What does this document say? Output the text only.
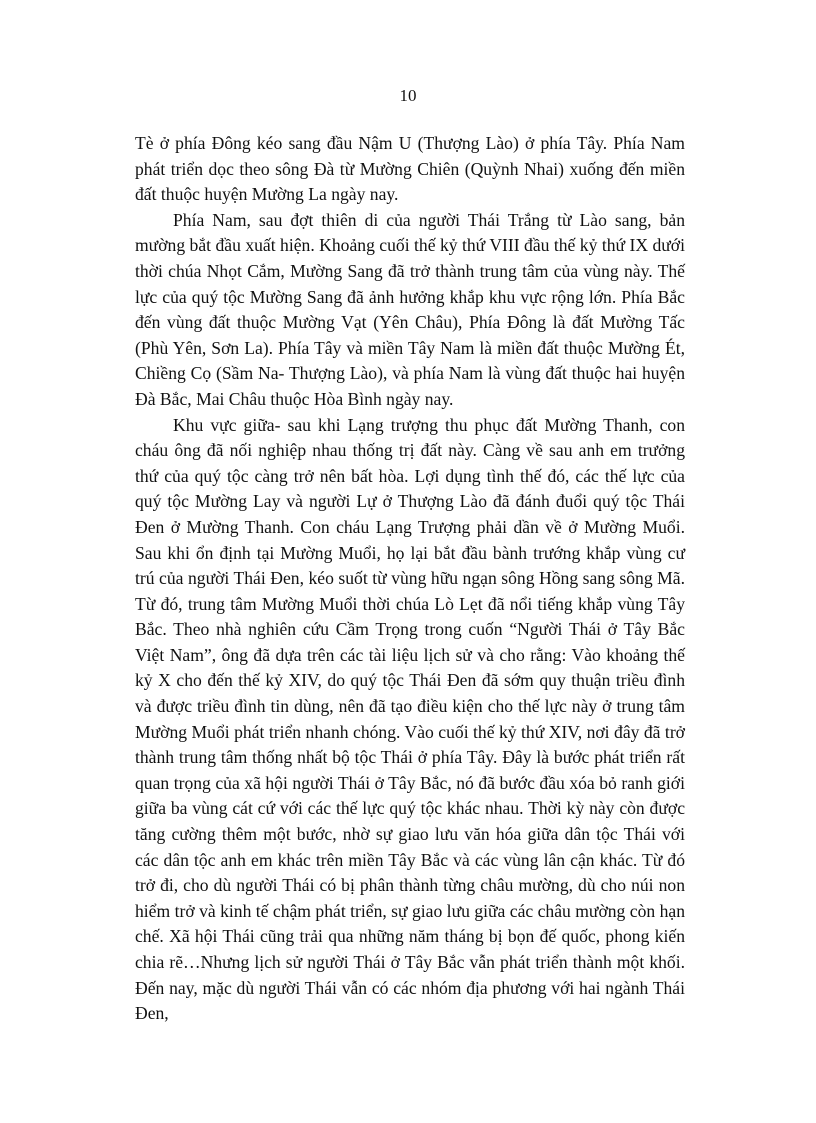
10

Tè ở phía Đông kéo sang đầu Nậm U (Thượng Lào) ở phía Tây. Phía Nam phát triển dọc theo sông Đà từ Mường Chiên (Quỳnh Nhai) xuống đến miền đất thuộc huyện Mường La ngày nay.

Phía Nam, sau đợt thiên di của người Thái Trắng từ Lào sang, bản mường bắt đầu xuất hiện. Khoảng cuối thế kỷ thứ VIII đầu thế kỷ thứ IX dưới thời chúa Nhọt Cắm, Mường Sang đã trở thành trung tâm của vùng này. Thế lực của quý tộc Mường Sang đã ảnh hưởng khắp khu vực rộng lớn. Phía Bắc đến vùng đất thuộc Mường Vạt (Yên Châu), Phía Đông là đất Mường Tấc (Phù Yên, Sơn La). Phía Tây và miền Tây Nam là miền đất thuộc Mường Ét, Chiềng Cọ (Sầm Na- Thượng Lào), và phía Nam là vùng đất thuộc hai huyện Đà Bắc, Mai Châu thuộc Hòa Bình ngày nay.

Khu vực giữa- sau khi Lạng trượng thu phục đất Mường Thanh, con cháu ông đã nối nghiệp nhau thống trị đất này. Càng về sau anh em trưởng thứ của quý tộc càng trở nên bất hòa. Lợi dụng tình thế đó, các thế lực của quý tộc Mường Lay và người Lự ở Thượng Lào đã đánh đuổi quý tộc Thái Đen ở Mường Thanh. Con cháu Lạng Trượng phải dần về ở Mường Muổi. Sau khi ổn định tại Mường Muổi, họ lại bắt đầu bành trướng khắp vùng cư trú của người Thái Đen, kéo suốt từ vùng hữu ngạn sông Hồng sang sông Mã. Từ đó, trung tâm Mường Muổi thời chúa Lò Lẹt đã nổi tiếng khắp vùng Tây Bắc. Theo nhà nghiên cứu Cầm Trọng trong cuốn “Người Thái ở Tây Bắc Việt Nam”, ông đã dựa trên các tài liệu lịch sử và cho rằng: Vào khoảng thế kỷ X cho đến thế kỷ XIV, do quý tộc Thái Đen đã sớm quy thuận triều đình và được triều đình tin dùng, nên đã tạo điều kiện cho thế lực này ở trung tâm Mường Muổi phát triển nhanh chóng. Vào cuối thế kỷ thứ XIV, nơi đây đã trở thành trung tâm thống nhất bộ tộc Thái ở phía Tây. Đây là bước phát triển rất quan trọng của xã hội người Thái ở Tây Bắc, nó đã bước đầu xóa bỏ ranh giới giữa ba vùng cát cứ với các thế lực quý tộc khác nhau. Thời kỳ này còn được tăng cường thêm một bước, nhờ sự giao lưu văn hóa giữa dân tộc Thái với các dân tộc anh em khác trên miền Tây Bắc và các vùng lân cận khác. Từ đó trở đi, cho dù người Thái có bị phân thành từng châu mường, dù cho núi non hiểm trở và kinh tế chậm phát triển, sự giao lưu giữa các châu mường còn hạn chế. Xã hội Thái cũng trải qua những năm tháng bị bọn đế quốc, phong kiến chia rẽ…Nhưng lịch sử người Thái ở Tây Bắc vẫn phát triển thành một khối. Đến nay, mặc dù người Thái vẫn có các nhóm địa phương với hai ngành Thái Đen,
